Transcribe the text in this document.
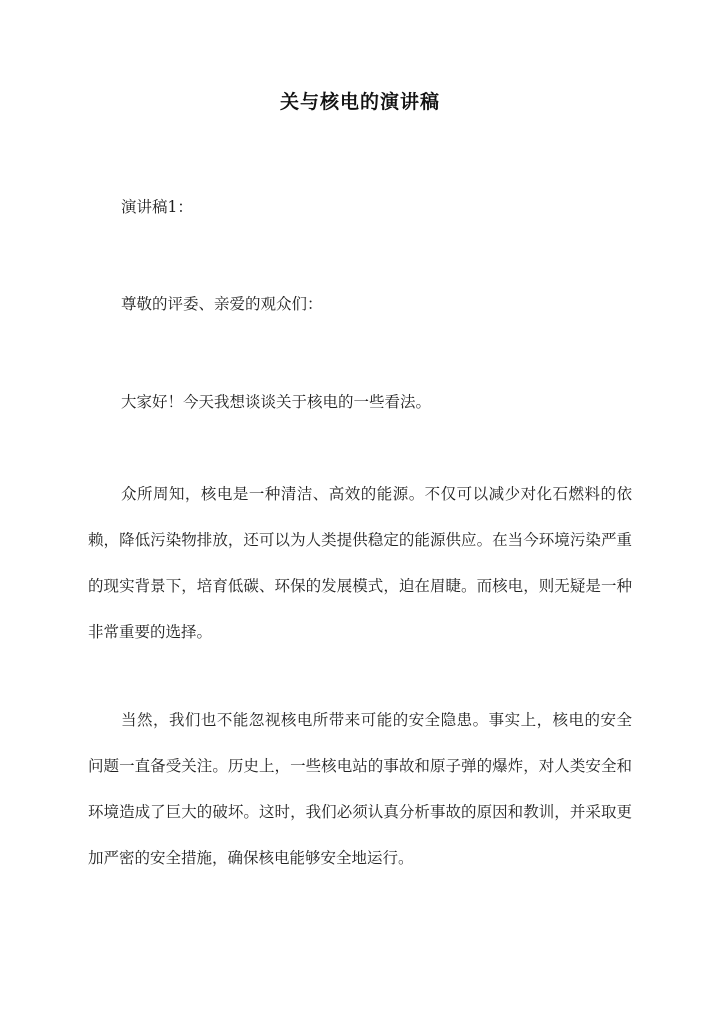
关与核电的演讲稿

演讲稿1：

尊敬的评委、亲爱的观众们：

大家好！今天我想谈谈关于核电的一些看法。

众所周知，核电是一种清洁、高效的能源。不仅可以减少对化石燃料的依赖，降低污染物排放，还可以为人类提供稳定的能源供应。在当今环境污染严重的现实背景下，培育低碳、环保的发展模式，迫在眉睫。而核电，则无疑是一种非常重要的选择。

当然，我们也不能忽视核电所带来可能的安全隐患。事实上，核电的安全问题一直备受关注。历史上，一些核电站的事故和原子弹的爆炸，对人类安全和环境造成了巨大的破坏。这时，我们必须认真分析事故的原因和教训，并采取更加严密的安全措施，确保核电能够安全地运行。
